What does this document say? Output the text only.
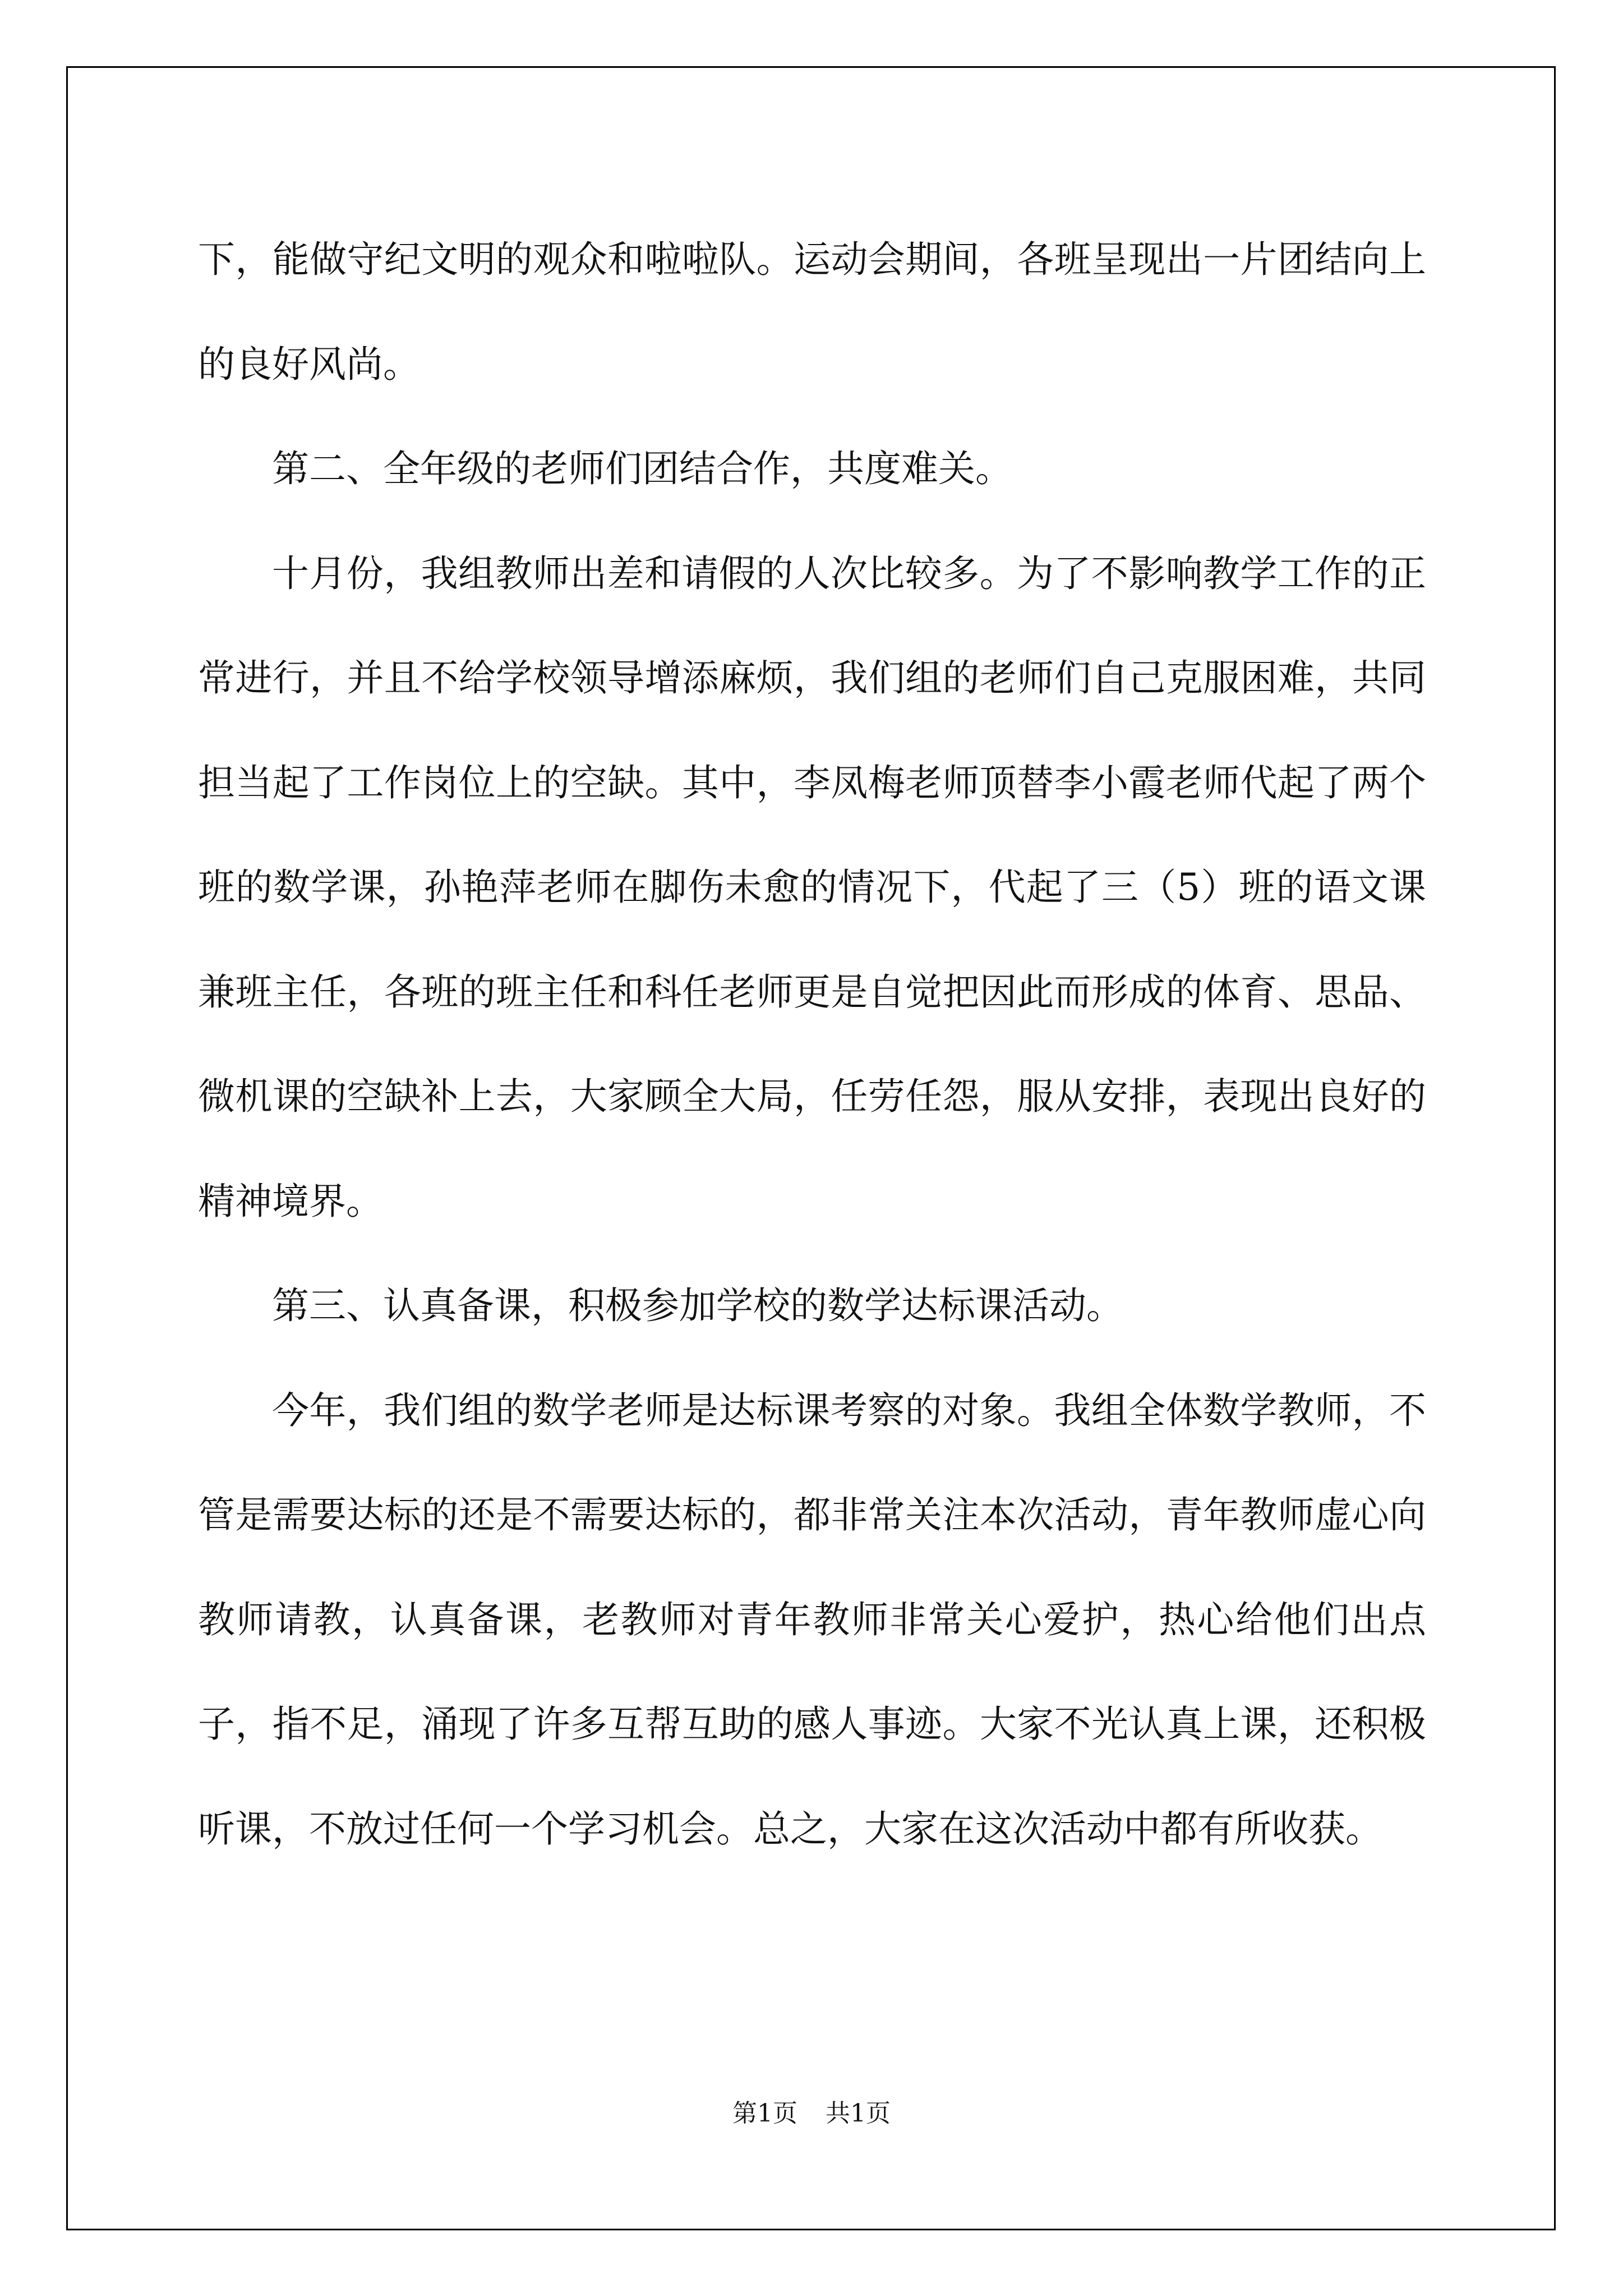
下，能做守纪文明的观众和啦啦队。运动会期间，各班呈现出一片团结向上的良好风尚。

第二、全年级的老师们团结合作，共度难关。

十月份，我组教师出差和请假的人次比较多。为了不影响教学工作的正常进行，并且不给学校领导增添麻烦，我们组的老师们自己克服困难，共同担当起了工作岗位上的空缺。其中，李凤梅老师顶替李小霞老师代起了两个班的数学课，孙艳萍老师在脚伤未愈的情况下，代起了三（5）班的语文课兼班主任，各班的班主任和科任老师更是自觉把因此而形成的体育、思品、微机课的空缺补上去，大家顾全大局，任劳任怨，服从安排，表现出良好的精神境界。

第三、认真备课，积极参加学校的数学达标课活动。

今年，我们组的数学老师是达标课考察的对象。我组全体数学教师，不管是需要达标的还是不需要达标的，都非常关注本次活动，青年教师虚心向教师请教，认真备课，老教师对青年教师非常关心爱护，热心给他们出点子，指不足，涌现了许多互帮互助的感人事迹。大家不光认真上课，还积极听课，不放过任何一个学习机会。总之，大家在这次活动中都有所收获。

第1页 共1页
